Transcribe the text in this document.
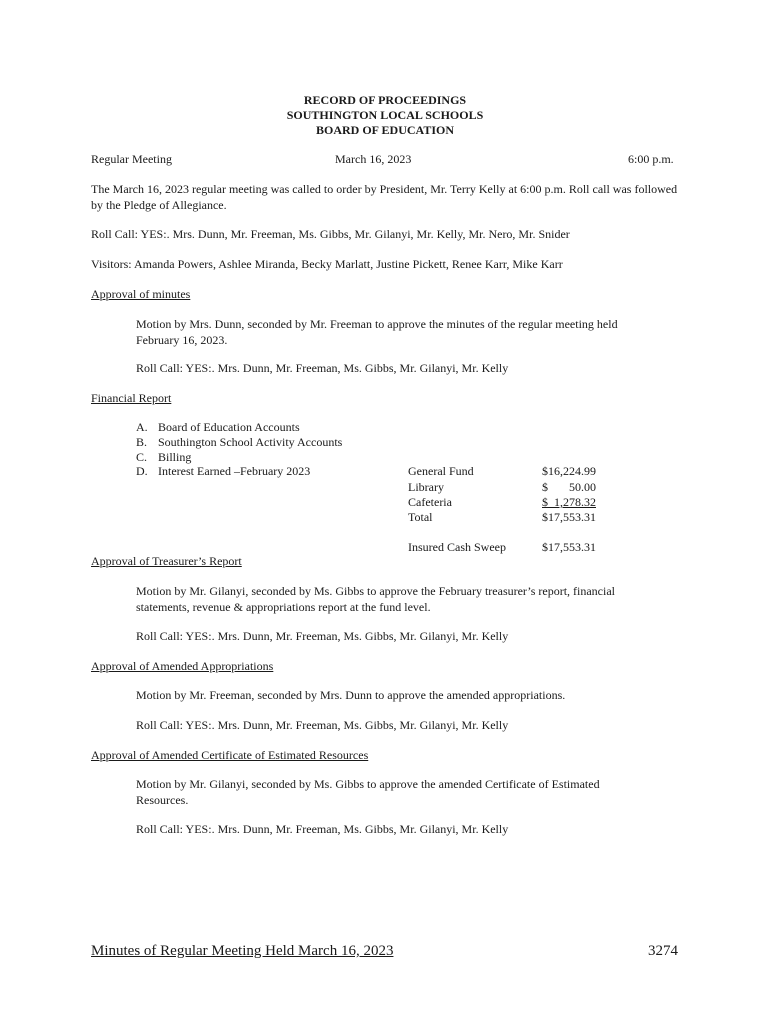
RECORD OF PROCEEDINGS
SOUTHINGTON LOCAL SCHOOLS
BOARD OF EDUCATION
Regular Meeting	March 16, 2023	6:00 p.m.
The March 16, 2023 regular meeting was called to order by President, Mr. Terry Kelly at 6:00 p.m. Roll call was followed by the Pledge of Allegiance.
Roll Call: YES:. Mrs. Dunn, Mr. Freeman, Ms. Gibbs, Mr. Gilanyi, Mr. Kelly, Mr. Nero, Mr. Snider
Visitors: Amanda Powers, Ashlee Miranda, Becky Marlatt, Justine Pickett, Renee Karr, Mike Karr
Approval of minutes
Motion by Mrs. Dunn, seconded by Mr. Freeman to approve the minutes of the regular meeting held February 16, 2023.
Roll Call: YES:. Mrs. Dunn, Mr. Freeman, Ms. Gibbs, Mr. Gilanyi, Mr. Kelly
Financial Report
A. Board of Education Accounts
B. Southington School Activity Accounts
C. Billing
D. Interest Earned –February 2023	General Fund	$16,224.99
Library	$       50.00
Cafeteria	$  1,278.32
Total	$17,553.31
Insured Cash Sweep	$17,553.31
Approval of Treasurer’s Report
Motion by Mr. Gilanyi, seconded by Ms. Gibbs to approve the February treasurer’s report, financial statements, revenue & appropriations report at the fund level.
Roll Call: YES:. Mrs. Dunn, Mr. Freeman, Ms. Gibbs, Mr. Gilanyi, Mr. Kelly
Approval of Amended Appropriations
Motion by Mr. Freeman, seconded by Mrs. Dunn to approve the amended appropriations.
Roll Call: YES:. Mrs. Dunn, Mr. Freeman, Ms. Gibbs, Mr. Gilanyi, Mr. Kelly
Approval of Amended Certificate of Estimated Resources
Motion by Mr. Gilanyi, seconded by Ms. Gibbs to approve the amended Certificate of Estimated Resources.
Roll Call: YES:. Mrs. Dunn, Mr. Freeman, Ms. Gibbs, Mr. Gilanyi, Mr. Kelly
Minutes of Regular Meeting Held March 16, 2023	3274
